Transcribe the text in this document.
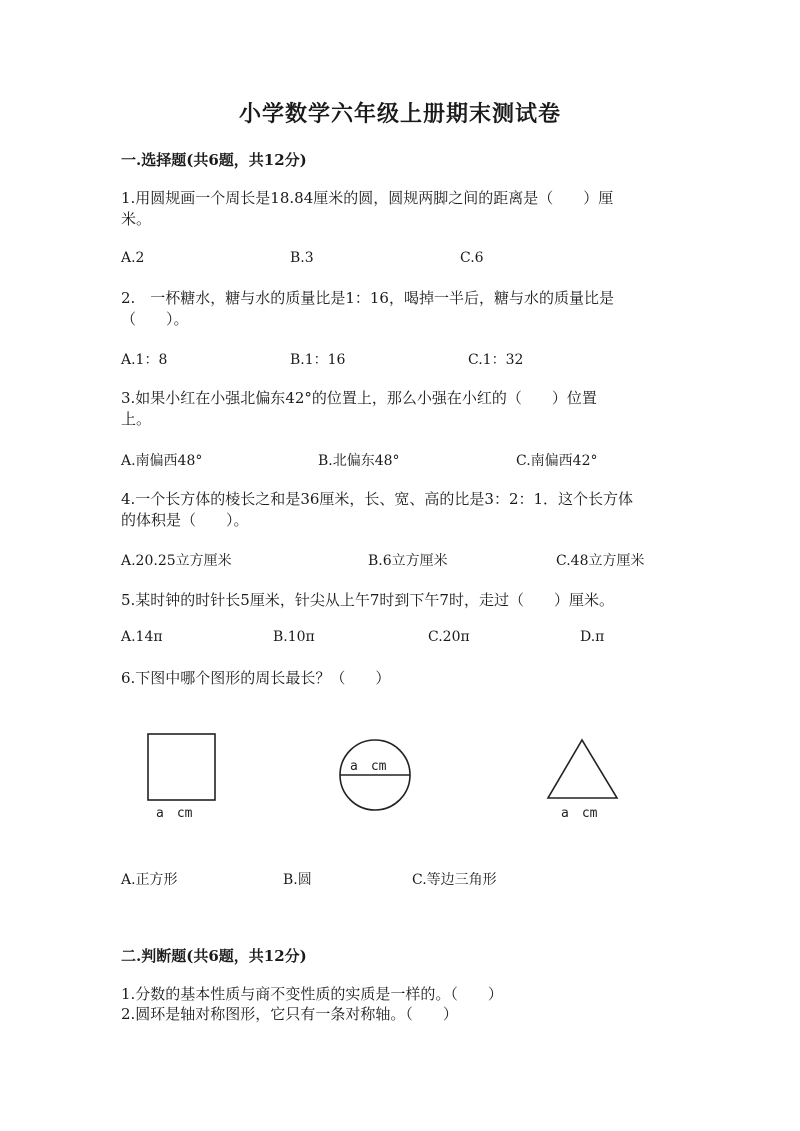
小学数学六年级上册期末测试卷
一.选择题(共6题，共12分)
1.用圆规画一个周长是18.84厘米的圆，圆规两脚之间的距离是（　　）厘
米。
A.2	B.3	C.6
2.　一杯糖水，糖与水的质量比是1：16，喝掉一半后，糖与水的质量比是
（　　）。
A.1：8	B.1：16	C.1：32
3.如果小红在小强北偏东42°的位置上，那么小强在小红的（　　）位置
上。
A.南偏西48°	B.北偏东48°	C.南偏西42°
4.一个长方体的棱长之和是36厘米，长、宽、高的比是3：2：1．这个长方体
的体积是（　　）。
A.20.25立方厘米	B.6立方厘米	C.48立方厘米
5.某时钟的时针长5厘米，针尖从上午7时到下午7时，走过（　　）厘米。
A.14π	B.10π	C.20π	D.π
6.下图中哪个图形的周长最长？（　　）
a　cm
a　cm
a　cm
A.正方形	B.圆	C.等边三角形
二.判断题(共6题，共12分)
1.分数的基本性质与商不变性质的实质是一样的。（　　）
2.圆环是轴对称图形，它只有一条对称轴。（　　）
